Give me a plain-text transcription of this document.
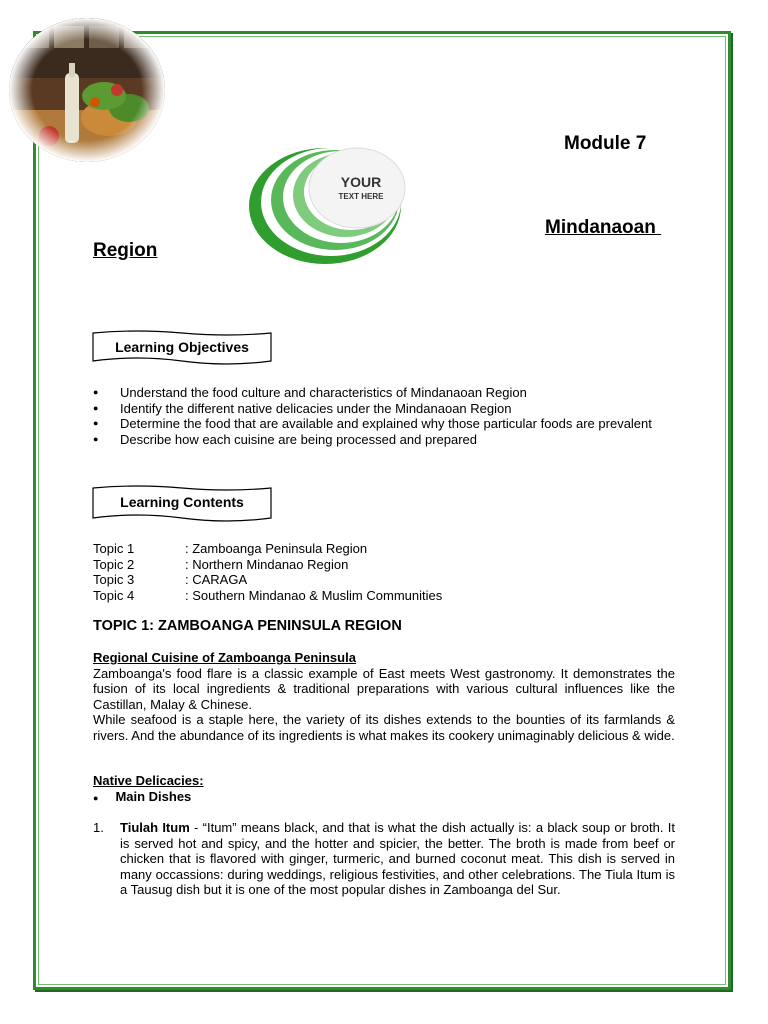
YOUR
TEXT HERE
Module 7
Mindanaoan
Region
Learning Objectives
● Understand the food culture and characteristics of Mindanaoan Region
● Identify the different native delicacies under the Mindanaoan Region
● Determine the food that are available and explained why those particular foods are prevalent
● Describe how each cuisine are being processed and prepared
Learning Contents
Topic 1	: Zamboanga Peninsula Region
Topic 2	: Northern Mindanao Region
Topic 3	: CARAGA
Topic 4	: Southern Mindanao & Muslim Communities
TOPIC 1: ZAMBOANGA PENINSULA REGION
Regional Cuisine of Zamboanga Peninsula
Zamboanga's food flare is a classic example of East meets West gastronomy. It demonstrates the fusion of its local ingredients & traditional preparations with various cultural influences like the Castillan, Malay & Chinese.
While seafood is a staple here, the variety of its dishes extends to the bounties of its farmlands & rivers. And the abundance of its ingredients is what makes its cookery unimaginably delicious & wide.
Native Delicacies:
● Main Dishes
1. Tiulah Itum - “Itum” means black, and that is what the dish actually is: a black soup or broth. It is served hot and spicy, and the hotter and spicier, the better. The broth is made from beef or chicken that is flavored with ginger, turmeric, and burned coconut meat. This dish is served in many occassions: during weddings, religious festivities, and other celebrations. The Tiula Itum is a Tausug dish but it is one of the most popular dishes in Zamboanga del Sur.
